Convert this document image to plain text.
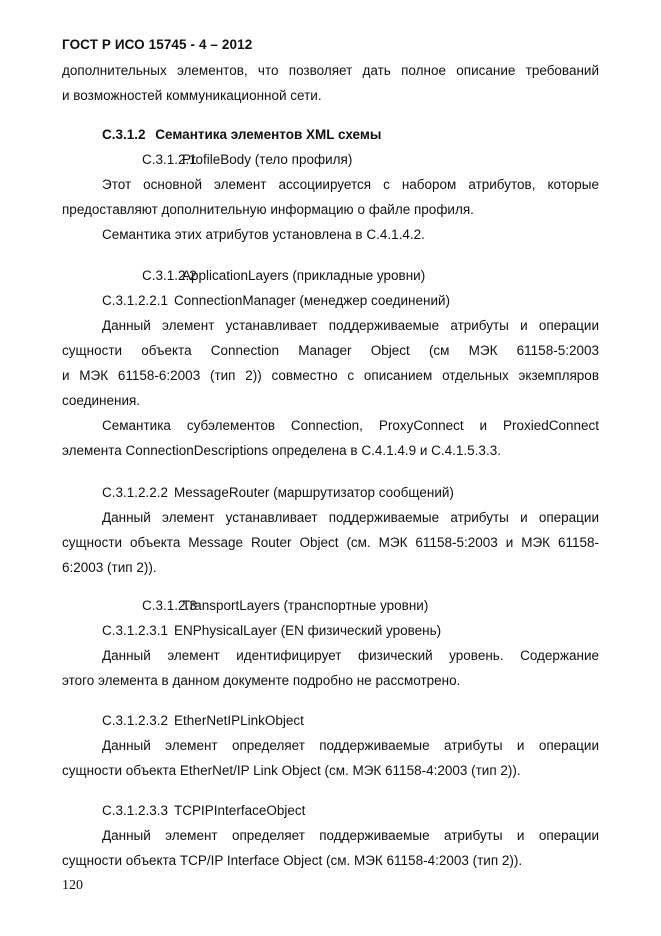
ГОСТ Р ИСО 15745 - 4 – 2012

дополнительных элементов, что позволяет дать полное описание требований

и возможностей коммуникационной сети.

С.3.1.2 Семантика элементов XML схемы

С.3.1.2.1ProfileBody (тело профиля)

Этот основной элемент ассоциируется с набором атрибутов, которые

предоставляют дополнительную информацию о файле профиля.

Семантика этих атрибутов установлена в С.4.1.4.2.

С.3.1.2.2ApplicationLayers (прикладные уровни)

С.3.1.2.2.1 ConnectionManager (менеджер соединений)

Данный элемент устанавливает поддерживаемые атрибуты и операции

сущности объекта Connection Manager Object (см МЭК 61158-5:2003

и МЭК 61158-6:2003 (тип 2)) совместно с описанием отдельных экземпляров

соединения.

Семантика субэлементов Connection, ProxyConnect и ProxiedConnect

элемента ConnectionDescriptions определена в С.4.1.4.9 и С.4.1.5.3.3.

С.3.1.2.2.2 MessageRouter (маршрутизатор сообщений)

Данный элемент устанавливает поддерживаемые атрибуты и операции

сущности объекта Message Router Object (см. МЭК 61158-5:2003 и МЭК 61158-

6:2003 (тип 2)).

С.3.1.2.3TransportLayers (транспортные уровни)

С.3.1.2.3.1 ENPhysicalLayer (EN физический уровень)

Данный элемент идентифицирует физический уровень. Содержание

этого элемента в данном документе подробно не рассмотрено.

С.3.1.2.3.2 EtherNetIPLinkObject

Данный элемент определяет поддерживаемые атрибуты и операции

сущности объекта EtherNet/IP Link Object (см. МЭК 61158-4:2003 (тип 2)).

С.3.1.2.3.3 TCPIPInterfaceObject

Данный элемент определяет поддерживаемые атрибуты и операции

сущности объекта TCP/IP Interface Object (см. МЭК 61158-4:2003 (тип 2)).

120
